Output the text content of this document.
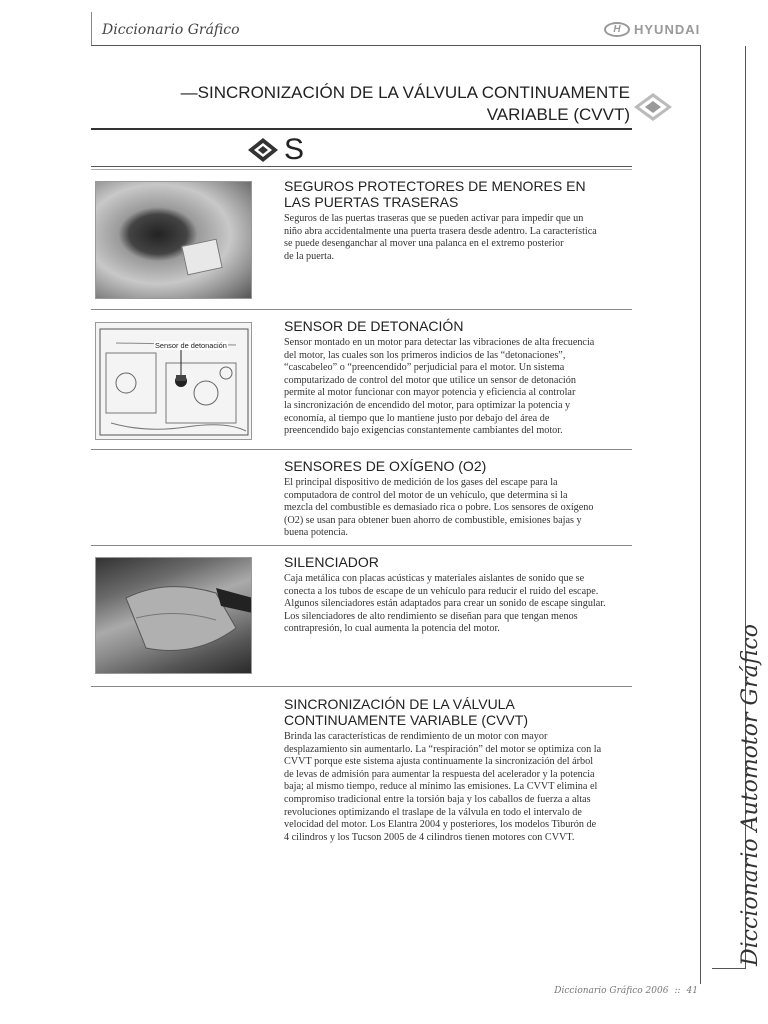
Diccionario Gráfico	H	HYUNDAI
—SINCRONIZACIÓN DE LA VÁLVULA CONTINUAMENTE
VARIABLE (CVVT)
S
SEGUROS PROTECTORES DE MENORES EN
LAS PUERTAS TRASERAS
Seguros de las puertas traseras que se pueden activar para impedir que un
niño abra accidentalmente una puerta trasera desde adentro. La característica
se puede desenganchar al mover una palanca en el extremo posterior
de la puerta.
Sensor de detonación
SENSOR DE DETONACIÓN
Sensor montado en un motor para detectar las vibraciones de alta frecuencia
del motor, las cuales son los primeros indicios de las “detonaciones”,
“cascabeleo” o “preencendido” perjudicial para el motor. Un sistema
computarizado de control del motor que utilice un sensor de detonación
permite al motor funcionar con mayor potencia y eficiencia al controlar
la sincronización de encendido del motor, para optimizar la potencia y
economía, al tiempo que lo mantiene justo por debajo del área de
preencendido bajo exigencias constantemente cambiantes del motor.
SENSORES DE OXÍGENO (O2)
El principal dispositivo de medición de los gases del escape para la
computadora de control del motor de un vehículo, que determina si la
mezcla del combustible es demasiado rica o pobre. Los sensores de oxígeno
(O2) se usan para obtener buen ahorro de combustible, emisiones bajas y
buena potencia.
SILENCIADOR
Caja metálica con placas acústicas y materiales aislantes de sonido que se
conecta a los tubos de escape de un vehículo para reducir el ruido del escape.
Algunos silenciadores están adaptados para crear un sonido de escape singular.
Los silenciadores de alto rendimiento se diseñan para que tengan menos
contrapresión, lo cual aumenta la potencia del motor.
SINCRONIZACIÓN DE LA VÁLVULA
CONTINUAMENTE VARIABLE (CVVT)
Brinda las características de rendimiento de un motor con mayor
desplazamiento sin aumentarlo. La “respiración” del motor se optimiza con la
CVVT porque este sistema ajusta continuamente la sincronización del árbol
de levas de admisión para aumentar la respuesta del acelerador y la potencia
baja; al mismo tiempo, reduce al mínimo las emisiones. La CVVT elimina el
compromiso tradicional entre la torsión baja y los caballos de fuerza a altas
revoluciones optimizando el traslape de la válvula en todo el intervalo de
velocidad del motor. Los Elantra 2004 y posteriores, los modelos Tiburón de
4 cilindros y los Tucson 2005 de 4 cilindros tienen motores con CVVT.	Diccionario Automotor Gráfico
Diccionario Gráfico 2006 :: 41
